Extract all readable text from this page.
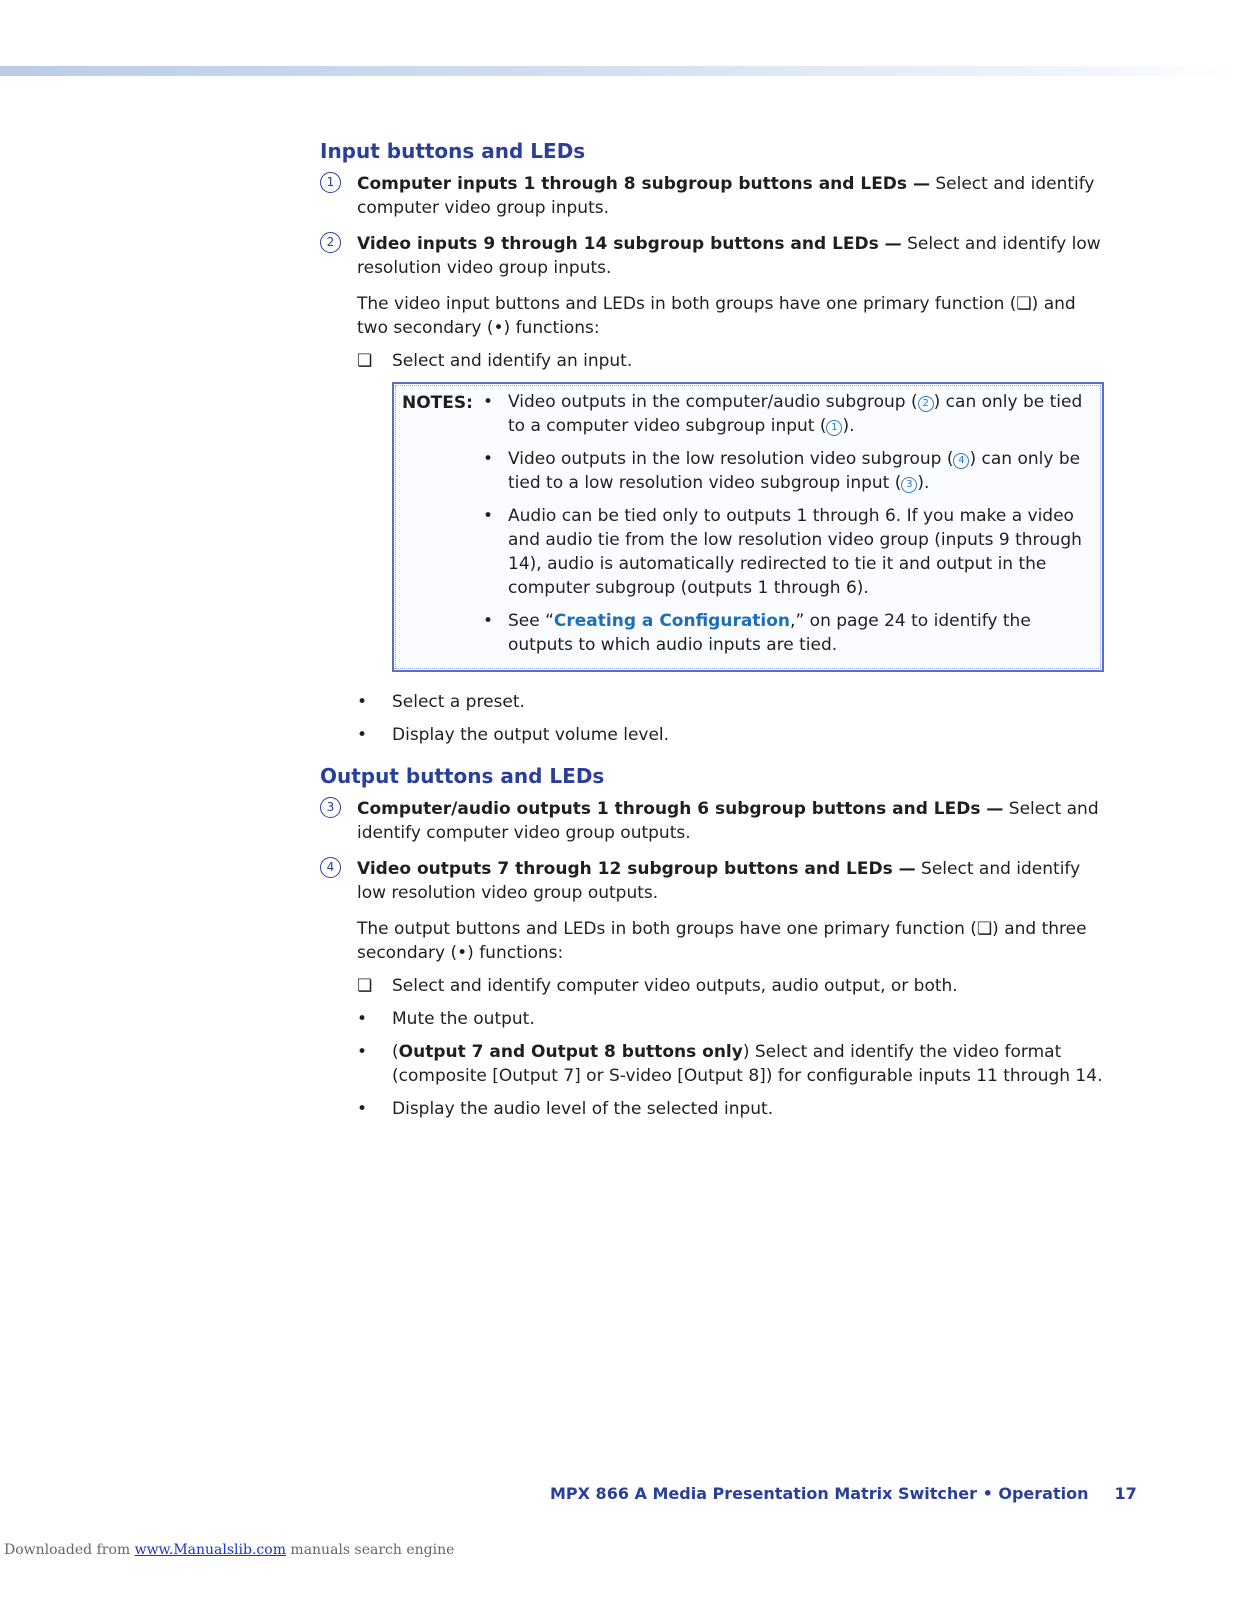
Input buttons and LEDs
1	Computer inputs 1 through 8 subgroup buttons and LEDs — Select and identify computer video group inputs.
2	Video inputs 9 through 14 subgroup buttons and LEDs — Select and identify low resolution video group inputs.
The video input buttons and LEDs in both groups have one primary function (❏) and two secondary (•) functions:
❏	Select and identify an input.
NOTES: • Video outputs in the computer/audio subgroup ( 2 ) can only be tied to a computer video subgroup input ( 1 ).
• Video outputs in the low resolution video subgroup ( 4 ) can only be tied to a low resolution video subgroup input ( 3 ).
• Audio can be tied only to outputs 1 through 6. If you make a video and audio tie from the low resolution video group (inputs 9 through 14), audio is automatically redirected to tie it and output in the computer subgroup (outputs 1 through 6).
• See “Creating a Configuration,” on page 24 to identify the outputs to which audio inputs are tied.
•	Select a preset.
•	Display the output volume level.
Output buttons and LEDs
3	Computer/audio outputs 1 through 6 subgroup buttons and LEDs — Select and identify computer video group outputs.
4	Video outputs 7 through 12 subgroup buttons and LEDs — Select and identify low resolution video group outputs.
The output buttons and LEDs in both groups have one primary function (❏) and three secondary (•) functions:
❏	Select and identify computer video outputs, audio output, or both.
•	Mute the output.
•	(Output 7 and Output 8 buttons only) Select and identify the video format (composite [Output 7] or S-video [Output 8]) for configurable inputs 11 through 14.
•	Display the audio level of the selected input.
MPX 866 A Media Presentation Matrix Switcher • Operation 17
Downloaded from www.Manualslib.com manuals search engine
